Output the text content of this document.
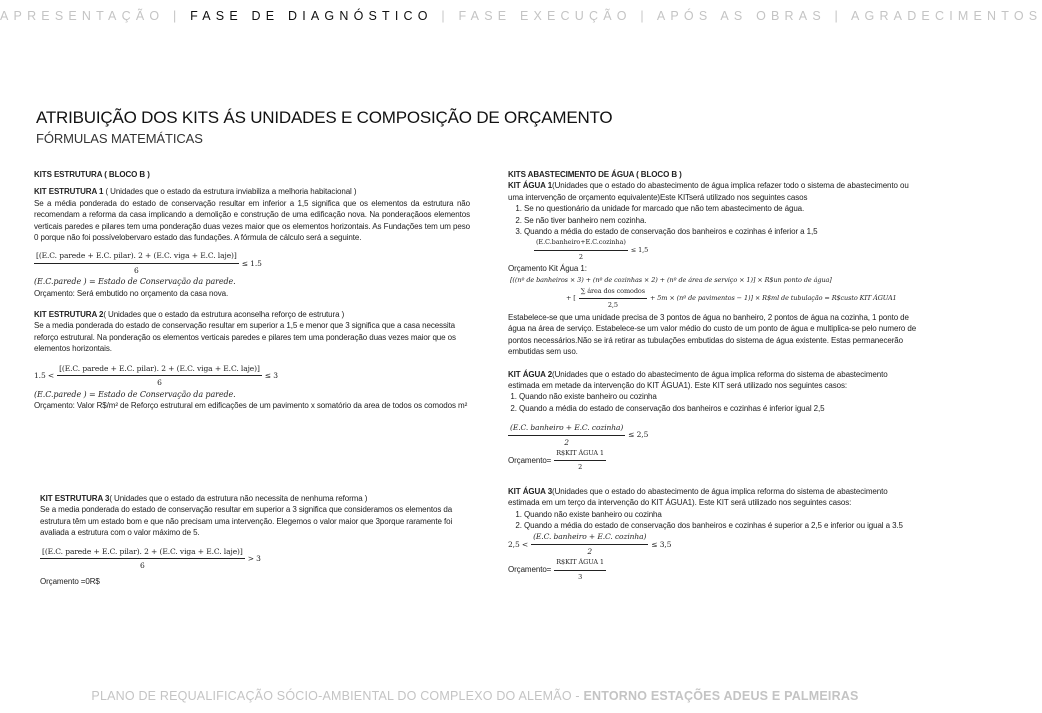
APRESENTAÇÃO | FASE DE DIAGNÓSTICO | FASE EXECUÇÃO | APÓS AS OBRAS | AGRADECIMENTOS
ATRIBUIÇÃO DOS KITS ÁS UNIDADES E COMPOSIÇÃO DE ORÇAMENTO
FÓRMULAS MATEMÁTICAS

KITS ESTRUTURA ( BLOCO B )

KIT ESTRUTURA 1 ( Unidades que o estado da estrutura inviabiliza a melhoria habitacional )

Se a média ponderada do estado de conservação resultar em inferior a 1,5 significa que os elementos da estrutura não recomendam a reforma da casa implicando a demolição e construção de uma edificação nova. Na ponderaçãoos elementos verticais paredes e pilares tem uma ponderação duas vezes maior que os elementos horizontais. As Fundações tem um peso 0 porque não foi possívelobervaro estado das fundações. A fórmula de cálculo será a seguinte.

$\frac{\text{[(E.C. parede + E.C. pilar). 2 + (E.C. viga + E.C. laje)]}}{6} \le 1.5$

(E.C.parede ) = Estado de Conservação da parede.

Orçamento: Será embutido no orçamento da casa nova.

KIT ESTRUTURA 2( Unidades que o estado da estrutura aconselha reforço de estrutura )

Se a media ponderada do estado de conservação resultar em superior a 1,5 e menor que 3 significa que a casa necessita reforço estrutural. Na ponderação os elementos verticais paredes e pilares tem uma ponderação duas vezes maior que os elementos horizontais.

$1.5 < \frac{\text{[(E.C. parede + E.C. pilar). 2 + (E.C. viga + E.C. laje)]}}{6} \le 3$

(E.C.parede ) = Estado de Conservação da parede.

Orçamento: Valor R$/m² de Reforço estrutural em edificações de um pavimento x somatório da area de todos os comodos m²

KIT ESTRUTURA 3( Unidades que o estado da estrutura não necessita de nenhuma reforma )

Se a media ponderada do estado de conservação resultar em superior a 3 significa que consideramos os elementos da estrutura têm um estado bom e que não precisam uma intervenção. Elegemos o valor maior que 3porque raramente foi avaliada a estrutura com o valor máximo de 5.

$\frac{\text{[(E.C. parede + E.C. pilar). 2 + (E.C. viga + E.C. laje)]}}{6} > 3$

Orçamento =0R$

KITS ABASTECIMENTO DE ÁGUA ( BLOCO B )

KIT ÁGUA 1(Unidades que o estado do abastecimento de água implica refazer todo o sistema de abastecimento ou uma intervenção de orçamento equivalente)Este KITserá utilizado nos seguintes casos

1. Se no questionário da unidade for marcado que não tem abastecimento de água.
2. Se não tiver banheiro nem cozinha.
3. Quando a média do estado de conservação dos banheiros e cozinhas é inferior a 1,5
$\frac{\text{(E.C.banheiro+E.C.cozinha)}}{2} \le 1,5$

Orçamento Kit Água 1:

[((nº de banheiros × 3) + (nº de cozinhas × 2) + (nº de área de serviço × 1)] × R$un ponto de água]
+ [ $\frac{\text{∑ área dos comodos}}{2,5} + 5m$ × (nº de pavimentos − 1)] × R$ml de tubulação = R$custo KIT ÁGUA1

Estabelece-se que uma unidade precisa de 3 pontos de água no banheiro, 2 pontos de água na cozinha, 1 ponto de água na área de serviço. Estabelece-se um valor médio do custo de um ponto de água e multiplica-se pelo numero de pontos necessários.Não se irá retirar as tubulações embutidas do sistema de água existente. Estas permanecerão embutidas sem uso.

KIT ÁGUA 2(Unidades que o estado do abastecimento de água implica reforma do sistema de abastecimento estimada em metade da intervenção do KIT ÁGUA1). Este KIT será utilizado nos seguintes casos:

1. Quando não existe banheiro ou cozinha
2. Quando a média do estado de conservação dos banheiros e cozinhas é inferior igual 2,5
$\frac{\text{(E.C. banheiro + E.C. cozinha)}}{2} \le 2,5$
Orçamento= $\frac{\text{R\$KIT ÁGUA 1}}{2}$

KIT ÁGUA 3(Unidades que o estado do abastecimento de água implica reforma do sistema de abastecimento estimada em um terço da intervenção do KIT ÁGUA1). Este KIT será utilizado nos seguintes casos:

1. Quando não existe banheiro ou cozinha
2. Quando a média do estado de conservação dos banheiros e cozinhas é superior a 2,5 e inferior ou igual a 3.5
$2,5 < \frac{\text{(E.C. banheiro + E.C. cozinha)}}{2} \le 3,5$
Orçamento= $\frac{\text{R\$KIT ÁGUA 1}}{3}$
PLANO DE REQUALIFICAÇÃO SÓCIO-AMBIENTAL DO COMPLEXO DO ALEMÃO - ENTORNO ESTAÇÕES ADEUS E PALMEIRAS
